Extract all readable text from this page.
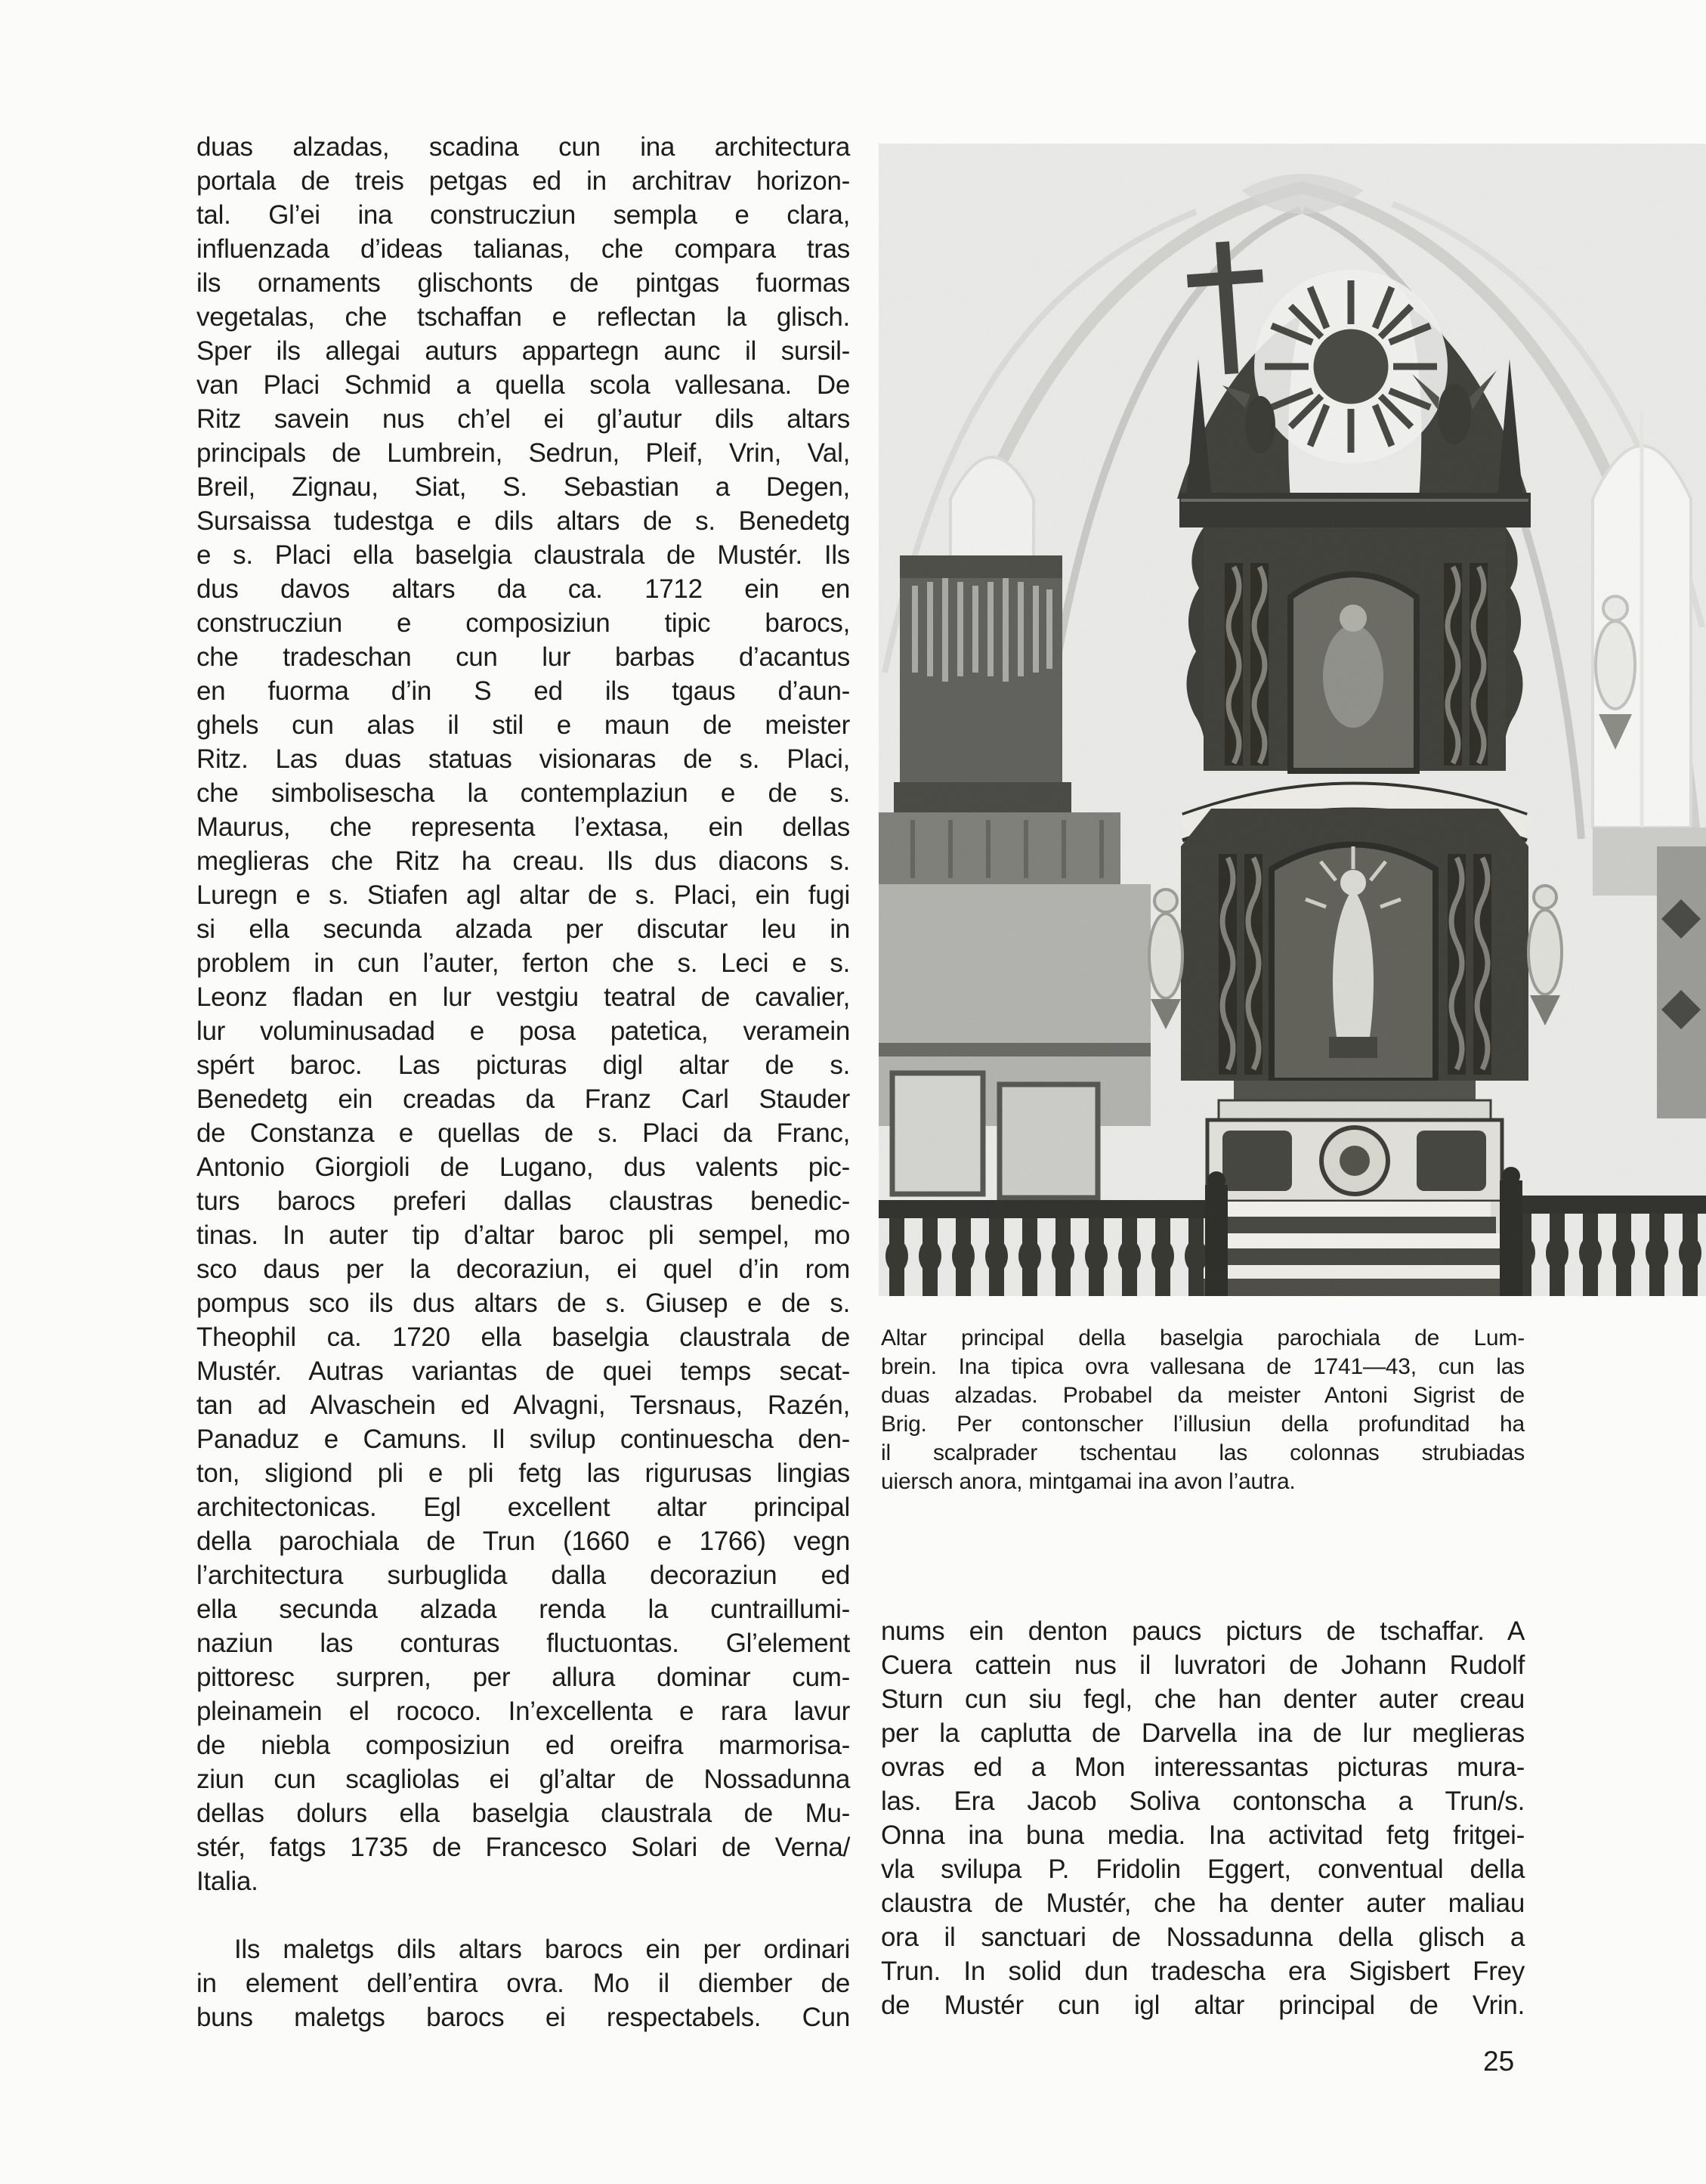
duas alzadas, scadina cun ina architectura
portala de treis petgas ed in architrav horizon-
tal. Gl’ei ina construcziun sempla e clara,
influenzada d’ideas talianas, che compara tras
ils ornaments glischonts de pintgas fuormas
vegetalas, che tschaffan e reflectan la glisch.
Sper ils allegai auturs appartegn aunc il sursil-
van Placi Schmid a quella scola vallesana. De
Ritz savein nus ch’el ei gl’autur dils altars
principals de Lumbrein, Sedrun, Pleif, Vrin, Val,
Breil, Zignau, Siat, S. Sebastian a Degen,
Sursaissa tudestga e dils altars de s. Benedetg
e s. Placi ella baselgia claustrala de Mustér. Ils
dus davos altars da ca. 1712 ein en
construcziun e composiziun tipic barocs,
che tradeschan cun lur barbas d’acantus
en fuorma d’in S ed ils tgaus d’aun-
ghels cun alas il stil e maun de meister
Ritz. Las duas statuas visionaras de s. Placi,
che simbolisescha la contemplaziun e de s.
Maurus, che representa l’extasa, ein dellas
meglieras che Ritz ha creau. Ils dus diacons s.
Luregn e s. Stiafen agl altar de s. Placi, ein fugi
si ella secunda alzada per discutar leu in
problem in cun l’auter, ferton che s. Leci e s.
Leonz fladan en lur vestgiu teatral de cavalier,
lur voluminusadad e posa patetica, veramein
spért baroc. Las picturas digl altar de s.
Benedetg ein creadas da Franz Carl Stauder
de Constanza e quellas de s. Placi da Franc,
Antonio Giorgioli de Lugano, dus valents pic-
turs barocs preferi dallas claustras benedic-
tinas. In auter tip d’altar baroc pli sempel, mo
sco daus per la decoraziun, ei quel d’in rom
pompus sco ils dus altars de s. Giusep e de s.
Theophil ca. 1720 ella baselgia claustrala de
Mustér. Autras variantas de quei temps secat-
tan ad Alvaschein ed Alvagni, Tersnaus, Razén,
Panaduz e Camuns. Il svilup continuescha den-
ton, sligiond pli e pli fetg las rigurusas lingias
architectonicas. Egl excellent altar principal
della parochiala de Trun (1660 e 1766) vegn
l’architectura surbuglida dalla decoraziun ed
ella secunda alzada renda la cuntraillumi-
naziun las conturas fluctuontas. Gl’element
pittoresc surpren, per allura dominar cum-
pleinamein el rococo. In’excellenta e rara lavur
de niebla composiziun ed oreifra marmorisa-
ziun cun scagliolas ei gl’altar de Nossadunna
dellas dolurs ella baselgia claustrala de Mu-
stér, fatgs 1735 de Francesco Solari de Verna/
Italia.
Ils maletgs dils altars barocs ein per ordinari
in element dell’entira ovra. Mo il diember de
buns maletgs barocs ei respectabels. Cun
Altar principal della baselgia parochiala de Lum-
brein. Ina tipica ovra vallesana de 1741—43, cun las
duas alzadas. Probabel da meister Antoni Sigrist de
Brig. Per contonscher l’illusiun della profunditad ha
il scalprader tschentau las colonnas strubiadas
uiersch anora, mintgamai ina avon l’autra.
nums ein denton paucs picturs de tschaffar. A
Cuera cattein nus il luvratori de Johann Rudolf
Sturn cun siu fegl, che han denter auter creau
per la caplutta de Darvella ina de lur meglieras
ovras ed a Mon interessantas picturas mura-
las. Era Jacob Soliva contonscha a Trun/s.
Onna ina buna media. Ina activitad fetg fritgei-
vla svilupa P. Fridolin Eggert, conventual della
claustra de Mustér, che ha denter auter maliau
ora il sanctuari de Nossadunna della glisch a
Trun. In solid dun tradescha era Sigisbert Frey
de Mustér cun igl altar principal de Vrin.
25
